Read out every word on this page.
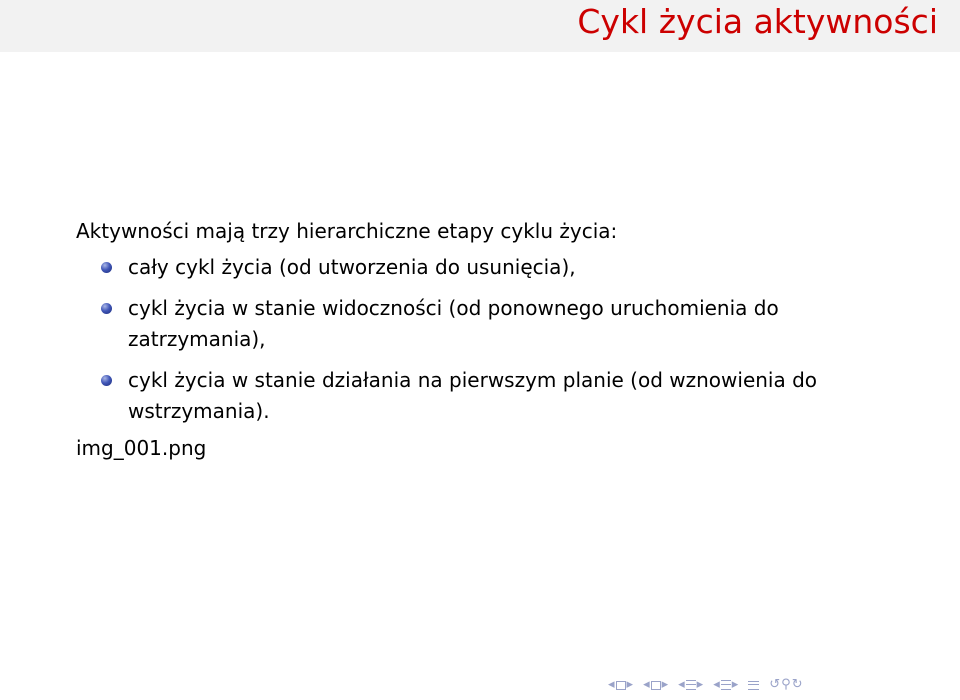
Cykl życia aktywności

Aktywności mają trzy hierarchiczne etapy cyklu życia:

cały cykl życia (od utworzenia do usunięcia),
cykl życia w stanie widoczności (od ponownego uruchomienia do zatrzymania),
cykl życia w stanie działania na pierwszym planie (od wznowienia do wstrzymania).

img_001.png

◂ ▸ ◂ ▸ ◂ ▸ ◂ ▸ ↺ ⚲ ↻
